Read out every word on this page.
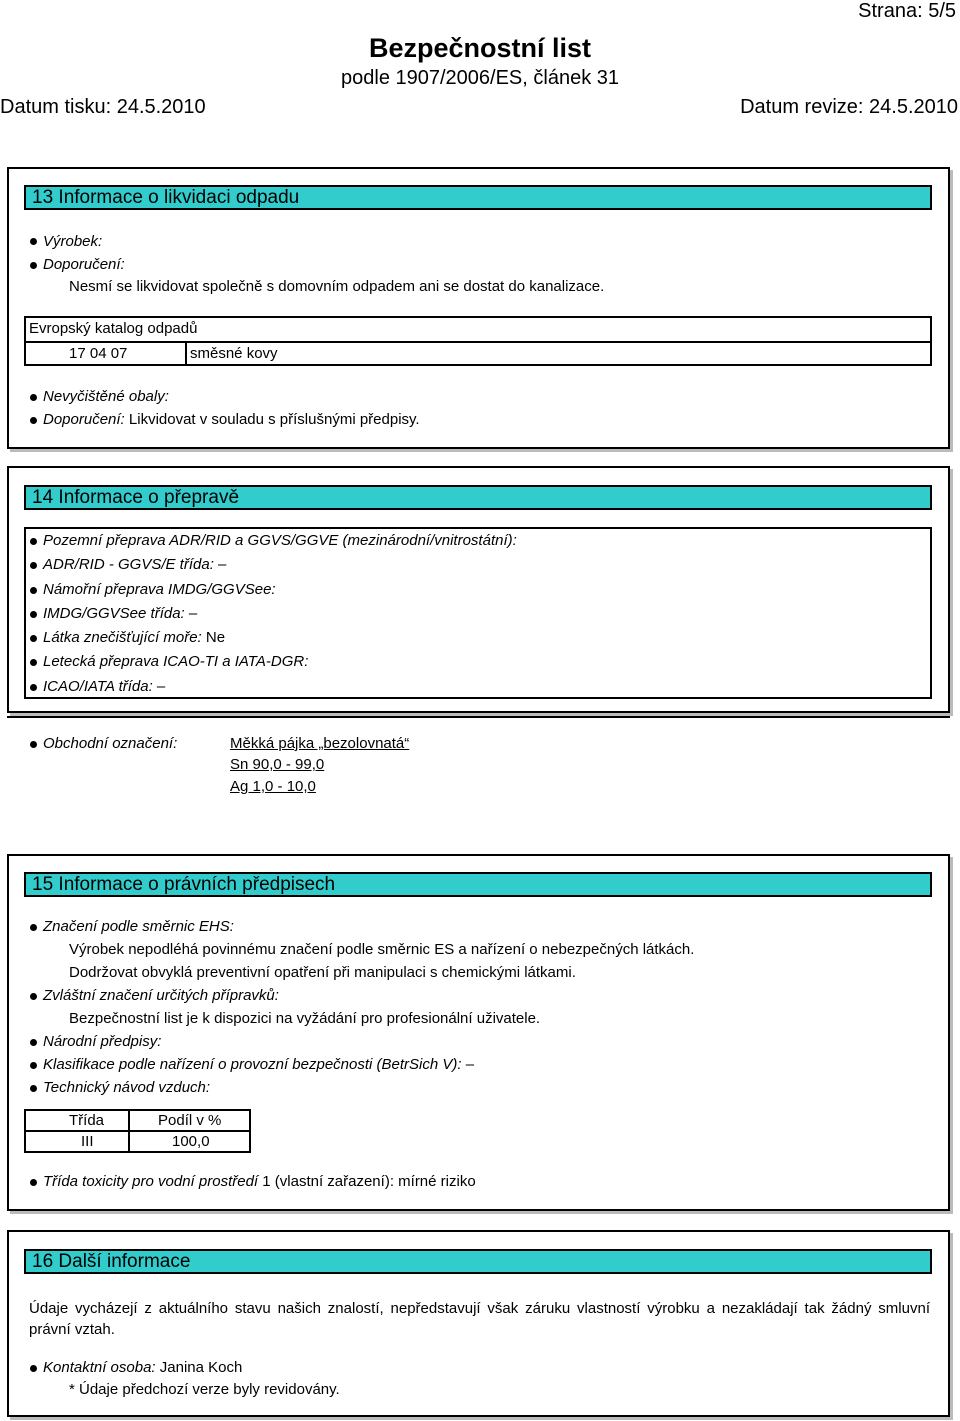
Strana: 5/5
Bezpečnostní list
podle 1907/2006/ES, článek 31
Datum tisku: 24.5.2010	Datum revize: 24.5.2010
13 Informace o likvidaci odpadu
Výrobek:
Doporučení:
Nesmí se likvidovat společně s domovním odpadem ani se dostat do kanalizace.
Evropský katalog odpadů
17 04 07	směsné kovy
Nevyčištěné obaly:
Doporučení: Likvidovat v souladu s příslušnými předpisy.
14 Informace o přepravě
Pozemní přeprava ADR/RID a GGVS/GGVE (mezinárodní/vnitrostátní):
ADR/RID - GGVS/E třída: –
Námořní přeprava IMDG/GGVSee:
IMDG/GGVSee třída: –
Látka znečišťující moře: Ne
Letecká přeprava ICAO-TI a IATA-DGR:
ICAO/IATA třída: –
Obchodní označení:	Měkká pájka „bezolovnatá“
Sn 90,0 - 99,0
Ag 1,0 - 10,0
15 Informace o právních předpisech
Značení podle směrnic EHS:
Výrobek nepodléhá povinnému značení podle směrnic ES a nařízení o nebezpečných látkách.
Dodržovat obvyklá preventivní opatření při manipulaci s chemickými látkami.
Zvláštní značení určitých přípravků:
Bezpečnostní list je k dispozici na vyžádání pro profesionální uživatele.
Národní předpisy:
Klasifikace podle nařízení o provozní bezpečnosti (BetrSich V): –
Technický návod vzduch:
Třída	Podíl v %
III	100,0
Třída toxicity pro vodní prostředí 1 (vlastní zařazení): mírné riziko
16 Další informace
Údaje vycházejí z aktuálního stavu našich znalostí, nepředstavují však záruku vlastností výrobku a nezakládají tak žádný smluvní právní vztah.
Kontaktní osoba: Janina Koch
* Údaje předchozí verze byly revidovány.
